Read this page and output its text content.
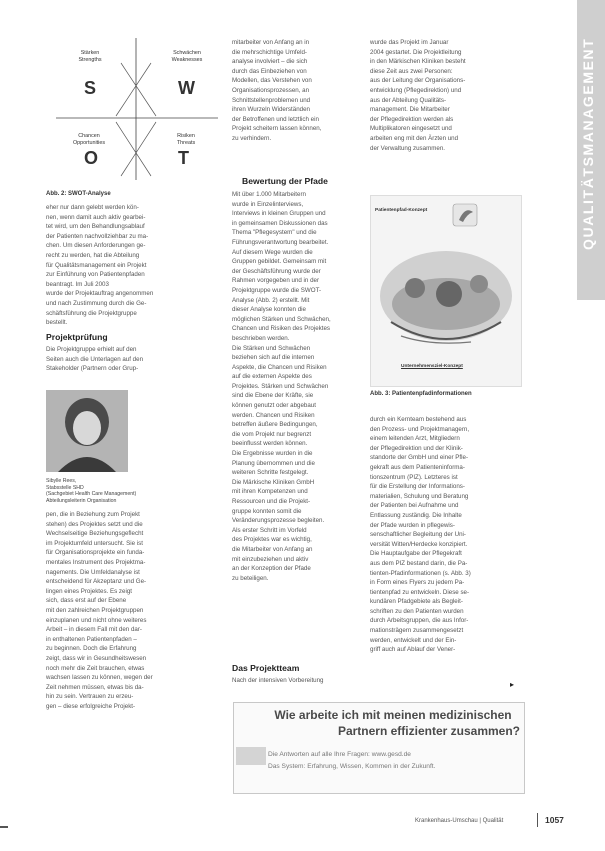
QUALITÄTSMANAGEMENT
Stärken
Strengths
Schwächen
Weaknesses
S	W
Chancen
Opportunities
Risiken
Threats
O	T
Abb. 2: SWOT-Analyse
eher nur dann gelebt werden kön-
nen, wenn damit auch aktiv gearbei-
tet wird, um den Behandlungsablauf
der Patienten nachvollziehbar zu ma-
chen. Um diesen Anforderungen ge-
recht zu werden, hat die Abteilung
für Qualitätsmanagement ein Projekt
zur Einführung von Patientenpfaden
beantragt. Im Juli 2003
wurde der Projektauftrag angenommen
und nach Zustimmung durch die Ge-
schäftsführung die Projektgruppe
bestellt.
Projektprüfung
Die Projektgruppe erhielt auf den
Seiten auch die Unterlagen auf den
Stakeholder (Partnern oder Grup-
Sibylle Rees,
Stabsstelle SHD
(Sachgebiet Health Care Management)
Abteilungsleiterin Organisation
pen, die in Beziehung zum Projekt
stehen) des Projektes setzt und die
Wechselseitige Beziehungsgeflecht
im Projektumfeld untersucht. Sie ist
für Organisationsprojekte ein funda-
mentales Instrument des Projektma-
nagements. Die Umfeldanalyse ist
entscheidend für Akzeptanz und Ge-
lingen eines Projektes. Es zeigt
sich, dass erst auf der Ebene
mit den zahlreichen Projektgruppen
einzuplanen und nicht ohne weiteres
Arbeit – in diesem Fall mit den dar-
in enthaltenen Patientenpfaden –
zu beginnen. Doch die Erfahrung
zeigt, dass wir in Gesundheitswesen
noch mehr die Zeit brauchen, etwas
wachsen lassen zu können, wegen der
Zeit nehmen müssen, etwas bis da-
hin zu sein. Vertrauen zu erzeu-
gen – diese erfolgreiche Projekt-
mitarbeiter von Anfang an in
die mehrschichtige Umfeld-
analyse involviert – die sich
durch das Einbeziehen von
Modellen, das Verstehen von
Organisationsprozessen, an
Schnittstellenproblemen und
ihren Wurzeln Widerständen
der Betroffenen und letztlich ein
Projekt scheitern lassen können,
zu verhindern.
Bewertung der Pfade
Mit über 1.000 Mitarbeitern
wurde in Einzelinterviews,
Interviews in kleinen Gruppen und
in gemeinsamen Diskussionen das
Thema "Pflegesystem" und die
Führungsverantwortung bearbeitet.
Auf diesem Wege wurden die
Gruppen gebildet. Gemeinsam mit
der Geschäftsführung wurde der
Rahmen vorgegeben und in der
Projektgruppe wurde die SWOT-
Analyse (Abb. 2) erstellt. Mit
dieser Analyse konnten die
möglichen Stärken und Schwächen,
Chancen und Risiken des Projektes
beschrieben werden.
Die Stärken und Schwächen
beziehen sich auf die internen
Aspekte, die Chancen und Risiken
auf die externen Aspekte des
Projektes. Stärken und Schwächen
sind die Ebene der Kräfte, sie
können genutzt oder abgebaut
werden. Chancen und Risiken
betreffen äußere Bedingungen,
die vom Projekt nur begrenzt
beeinflusst werden können.
Die Ergebnisse wurden in die
Planung übernommen und die
weiteren Schritte festgelegt.
Die Märkische Kliniken GmbH
mit ihren Kompetenzen und
Ressourcen und die Projekt-
gruppe konnten somit die
Veränderungsprozesse begleiten.
Als erster Schritt im Vorfeld
des Projektes war es wichtig,
die Mitarbeiter von Anfang an
mit einzubeziehen und aktiv
an der Konzeption der Pfade
zu beteiligen.
Das Projektteam
Nach der intensiven Vorbereitung
wurde das Projekt im Januar
2004 gestartet. Die Projektleitung
in den Märkischen Kliniken besteht
diese Zeit aus zwei Personen:
aus der Leitung der Organisations-
entwicklung (Pflegedirektion) und
aus der Abteilung Qualitäts-
management. Die Mitarbeiter
der Pflegedirektion werden als
Multiplikatoren eingesetzt und
arbeiten eng mit den Ärzten und
der Verwaltung zusammen.
Patientenpfad-Konzept
Unternehmensziel-Konzept
Abb. 3: Patientenpfadinformationen
durch ein Kernteam bestehend aus
den Prozess- und Projektmanagern,
einem leitenden Arzt, Mitgliedern
der Pflegedirektion und der Klinik-
standorte der GmbH und einer Pfle-
gekraft aus dem Patienteninforma-
tionszentrum (PIZ). Letzteres ist
für die Erstellung der Informations-
materialien, Schulung und Beratung
der Patienten bei Aufnahme und
Entlassung zuständig. Die Inhalte
der Pfade wurden in pflegewis-
senschaftlicher Begleitung der Uni-
versität Witten/Herdecke konzipiert.
Die Hauptaufgabe der Pflegekraft
aus dem PIZ bestand darin, die Pa-
tienten-Pfadinformationen (s. Abb. 3)
in Form eines Flyers zu jedem Pa-
tientenpfad zu entwickeln. Diese se-
kundären Pfadgebiete als Begleit-
schriften zu den Patienten wurden
durch Arbeitsgruppen, die aus Infor-
mationsträgern zusammengesetzt
werden, entwickelt und der Ein-
griff auch auf Ablauf der Vener-
▸
Wie arbeite ich mit meinen medizinischen
Partnern effizienter zusammen?
Die Antworten auf alle Ihre Fragen: www.gesd.de
Das System: Erfahrung, Wissen, Kommen in der Zukunft.
Krankenhaus-Umschau | Qualität	1057
